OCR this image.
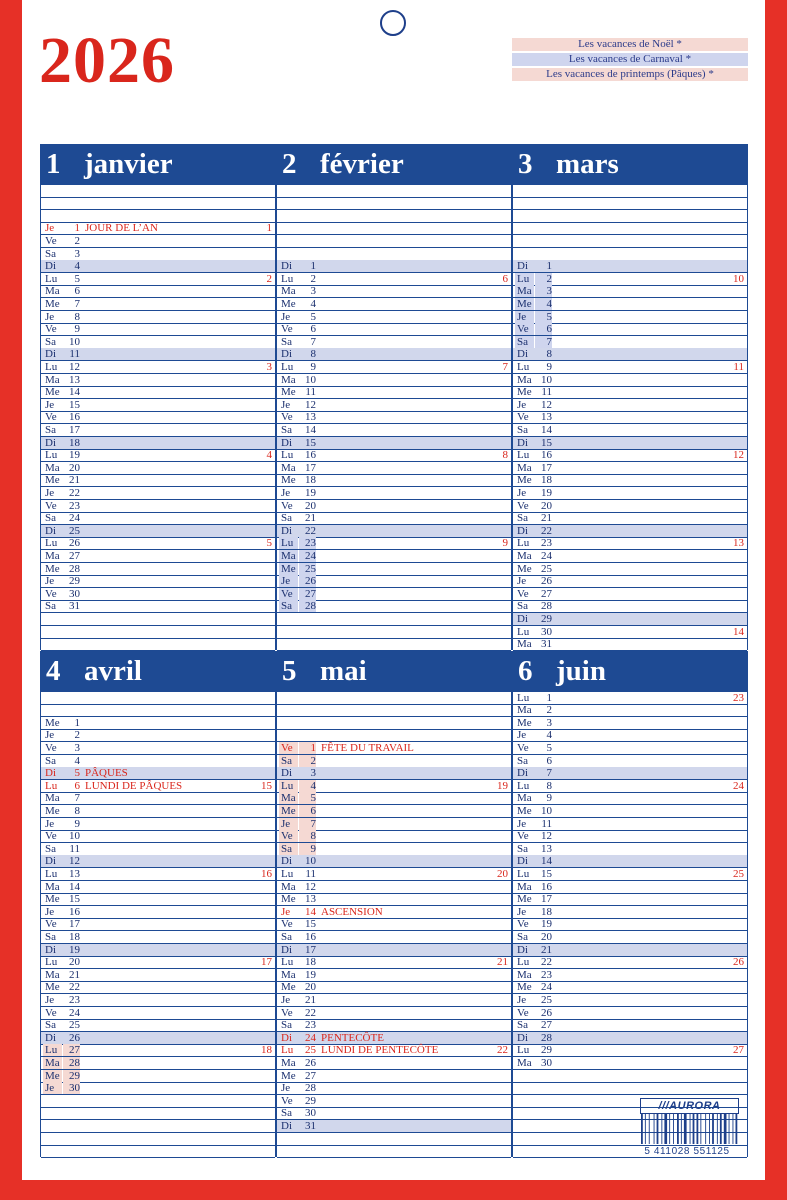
2026	Les vacances de Noël *
Les vacances de Carnaval *
Les vacances de printemps (Pâques) *
1 janvier
Je	1 JOUR DE L’AN	1
Ve	2
Sa	3
Di	4
Lu	5	2
Ma	6
Me	7
Je	8
Ve	9
Sa	10
Di	11
Lu	12	3
Ma 13
Me 14
Je	15
Ve	16
Sa	17
Di	18
Lu	19	4
Ma 20
Me 21
Je	22
Ve	23
Sa	24
Di	25
Lu	26	5
Ma 27
Me 28
Je	29
Ve	30
Sa	31
2 février
Di	1
Lu	2	6
Ma	3
Me	4
Je	5
Ve	6
Sa	7
Di	8
Lu	9	7
Ma 10
Me 11
Je	12
Ve	13
Sa	14
Di	15
Lu	16	8
Ma 17
Me 18
Je	19
Ve	20
Sa	21
Di	22
Lu	23	9
Ma 24
Me 25
Je	26
Ve	27
Sa	28
3 mars
Di	1
Lu	2	10
Ma	3
Me	4
Je	5
Ve	6
Sa	7
Di	8
Lu	9	11
Ma 10
Me 11
Je	12
Ve	13
Sa	14
Di	15
Lu	16	12
Ma 17
Me 18
Je	19
Ve	20
Sa	21
Di	22
Lu	23	13
Ma 24
Me 25
Je	26
Ve	27
Sa	28
Di	29
Lu	30	14
Ma 31
4 avril
Me	1
Je	2
Ve	3
Sa	4
Di	5 PÂQUES
Lu	6 LUNDI DE PÂQUES	15
Ma	7
Me	8
Je	9
Ve	10
Sa	11
Di	12
Lu	13	16
Ma 14
Me 15
Je	16
Ve	17
Sa	18
Di	19
Lu	20	17
Ma 21
Me 22
Je	23
Ve	24
Sa	25
Di	26
Lu	27	18
Ma 28
Me 29
Je	30
5 mai
Ve	1 FÊTE DU TRAVAIL
Sa	2
Di	3
Lu	4	19
Ma	5
Me	6
Je	7
Ve	8
Sa	9
Di	10
Lu	11	20
Ma 12
Me 13
Je	14 ASCENSION
Ve	15
Sa	16
Di	17
Lu	18	21
Ma 19
Me 20
Je	21
Ve	22
Sa	23
Di	24 PENTECÔTE
Lu	25 LUNDI DE PENTECÔTE	22
Ma 26
Me 27
Je	28
Ve	29
Sa	30
Di	31
6 juin
Lu	1	23
Ma	2
Me	3
Je	4
Ve	5
Sa	6
Di	7
Lu	8	24
Ma	9
Me 10
Je	11
Ve	12
Sa	13
Di	14
Lu	15	25
Ma 16
Me 17
Je	18
Ve	19
Sa	20
Di	21
Lu	22	26
Ma 23
Me 24
Je	25
Ve	26
Sa	27
Di	28
Lu	29	27
Ma 30
///AURORA
5 411028 551125
